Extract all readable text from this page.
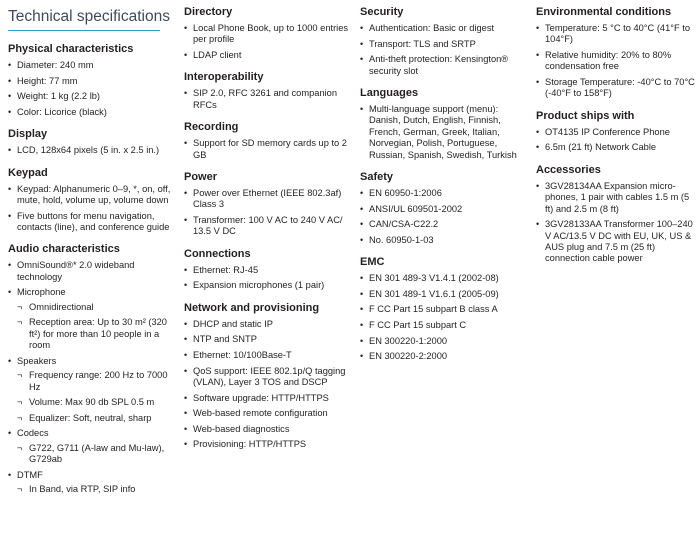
Technical specifications
Physical characteristics
• Diameter: 240 mm
• Height: 77 mm
• Weight: 1 kg (2.2 lb)
• Color: Licorice (black)
Display
• LCD, 128x64 pixels (5 in. x 2.5 in.)
Keypad
• Keypad: Alphanumeric 0–9, *, on, off, mute, hold, volume up, volume down
• Five buttons for menu navigation, contacts (line), and conference guide
Audio characteristics
• OmniSound®* 2.0 wideband technology
• Microphone
¬ Omnidirectional
¬ Reception area: Up to 30 m² (320 ft²) for more than 10 people in a room
• Speakers
¬ Frequency range: 200 Hz to 7000 Hz
¬ Volume: Max 90 db SPL 0.5 m
¬ Equalizer: Soft, neutral, sharp
• Codecs
¬ G722, G711 (A-law and Mu-law), G729ab
• DTMF
¬ In Band, via RTP, SIP info
Directory
• Local Phone Book, up to 1000 entries per profile
• LDAP client
Interoperability
• SIP 2.0, RFC 3261 and companion RFCs
Recording
• Support for SD memory cards up to 2 GB
Power
• Power over Ethernet (IEEE 802.3af) Class 3
• Transformer: 100 V AC to 240 V AC/ 13.5 V DC
Connections
• Ethernet: RJ-45
• Expansion microphones (1 pair)
Network and provisioning
• DHCP and static IP
• NTP and SNTP
• Ethernet: 10/100Base-T
• QoS support: IEEE 802.1p/Q tagging (VLAN), Layer 3 TOS and DSCP
• Software upgrade: HTTP/HTTPS
• Web-based remote configuration
• Web-based diagnostics
• Provisioning: HTTP/HTTPS
Security
• Authentication: Basic or digest
• Transport: TLS and SRTP
• Anti-theft protection: Kensington® security slot
Languages
• Multi-language support (menu): Danish, Dutch, English, Finnish, French, German, Greek, Italian, Norvegian, Polish, Portuguese, Russian, Spanish, Swedish, Turkish
Safety
• EN 60950-1:2006
• ANSI/UL 609501-2002
• CAN/CSA-C22.2
• No. 60950-1-03
EMC
• EN 301 489-3 V1.4.1 (2002-08)
• EN 301 489-1 V1.6.1 (2005-09)
• F CC Part 15 subpart B class A
• F CC Part 15 subpart C
• EN 300220-1:2000
• EN 300220-2:2000
Environmental conditions
• Temperature: 5 °C to 40°C (41°F to 104°F)
• Relative humidity: 20% to 80% condensation free
• Storage Temperature: -40°C to 70°C (-40°F to 158°F)
Product ships with
• OT4135 IP Conference Phone
• 6.5m (21 ft) Network Cable
Accessories
• 3GV28134AA Expansion micro-phones, 1 pair with cables 1.5 m (5 ft) and 2.5 m (8 ft)
• 3GV28133AA Transformer 100–240 V AC/13.5 V DC with EU, UK, US & AUS plug and 7.5 m (25 ft) connection cable power
